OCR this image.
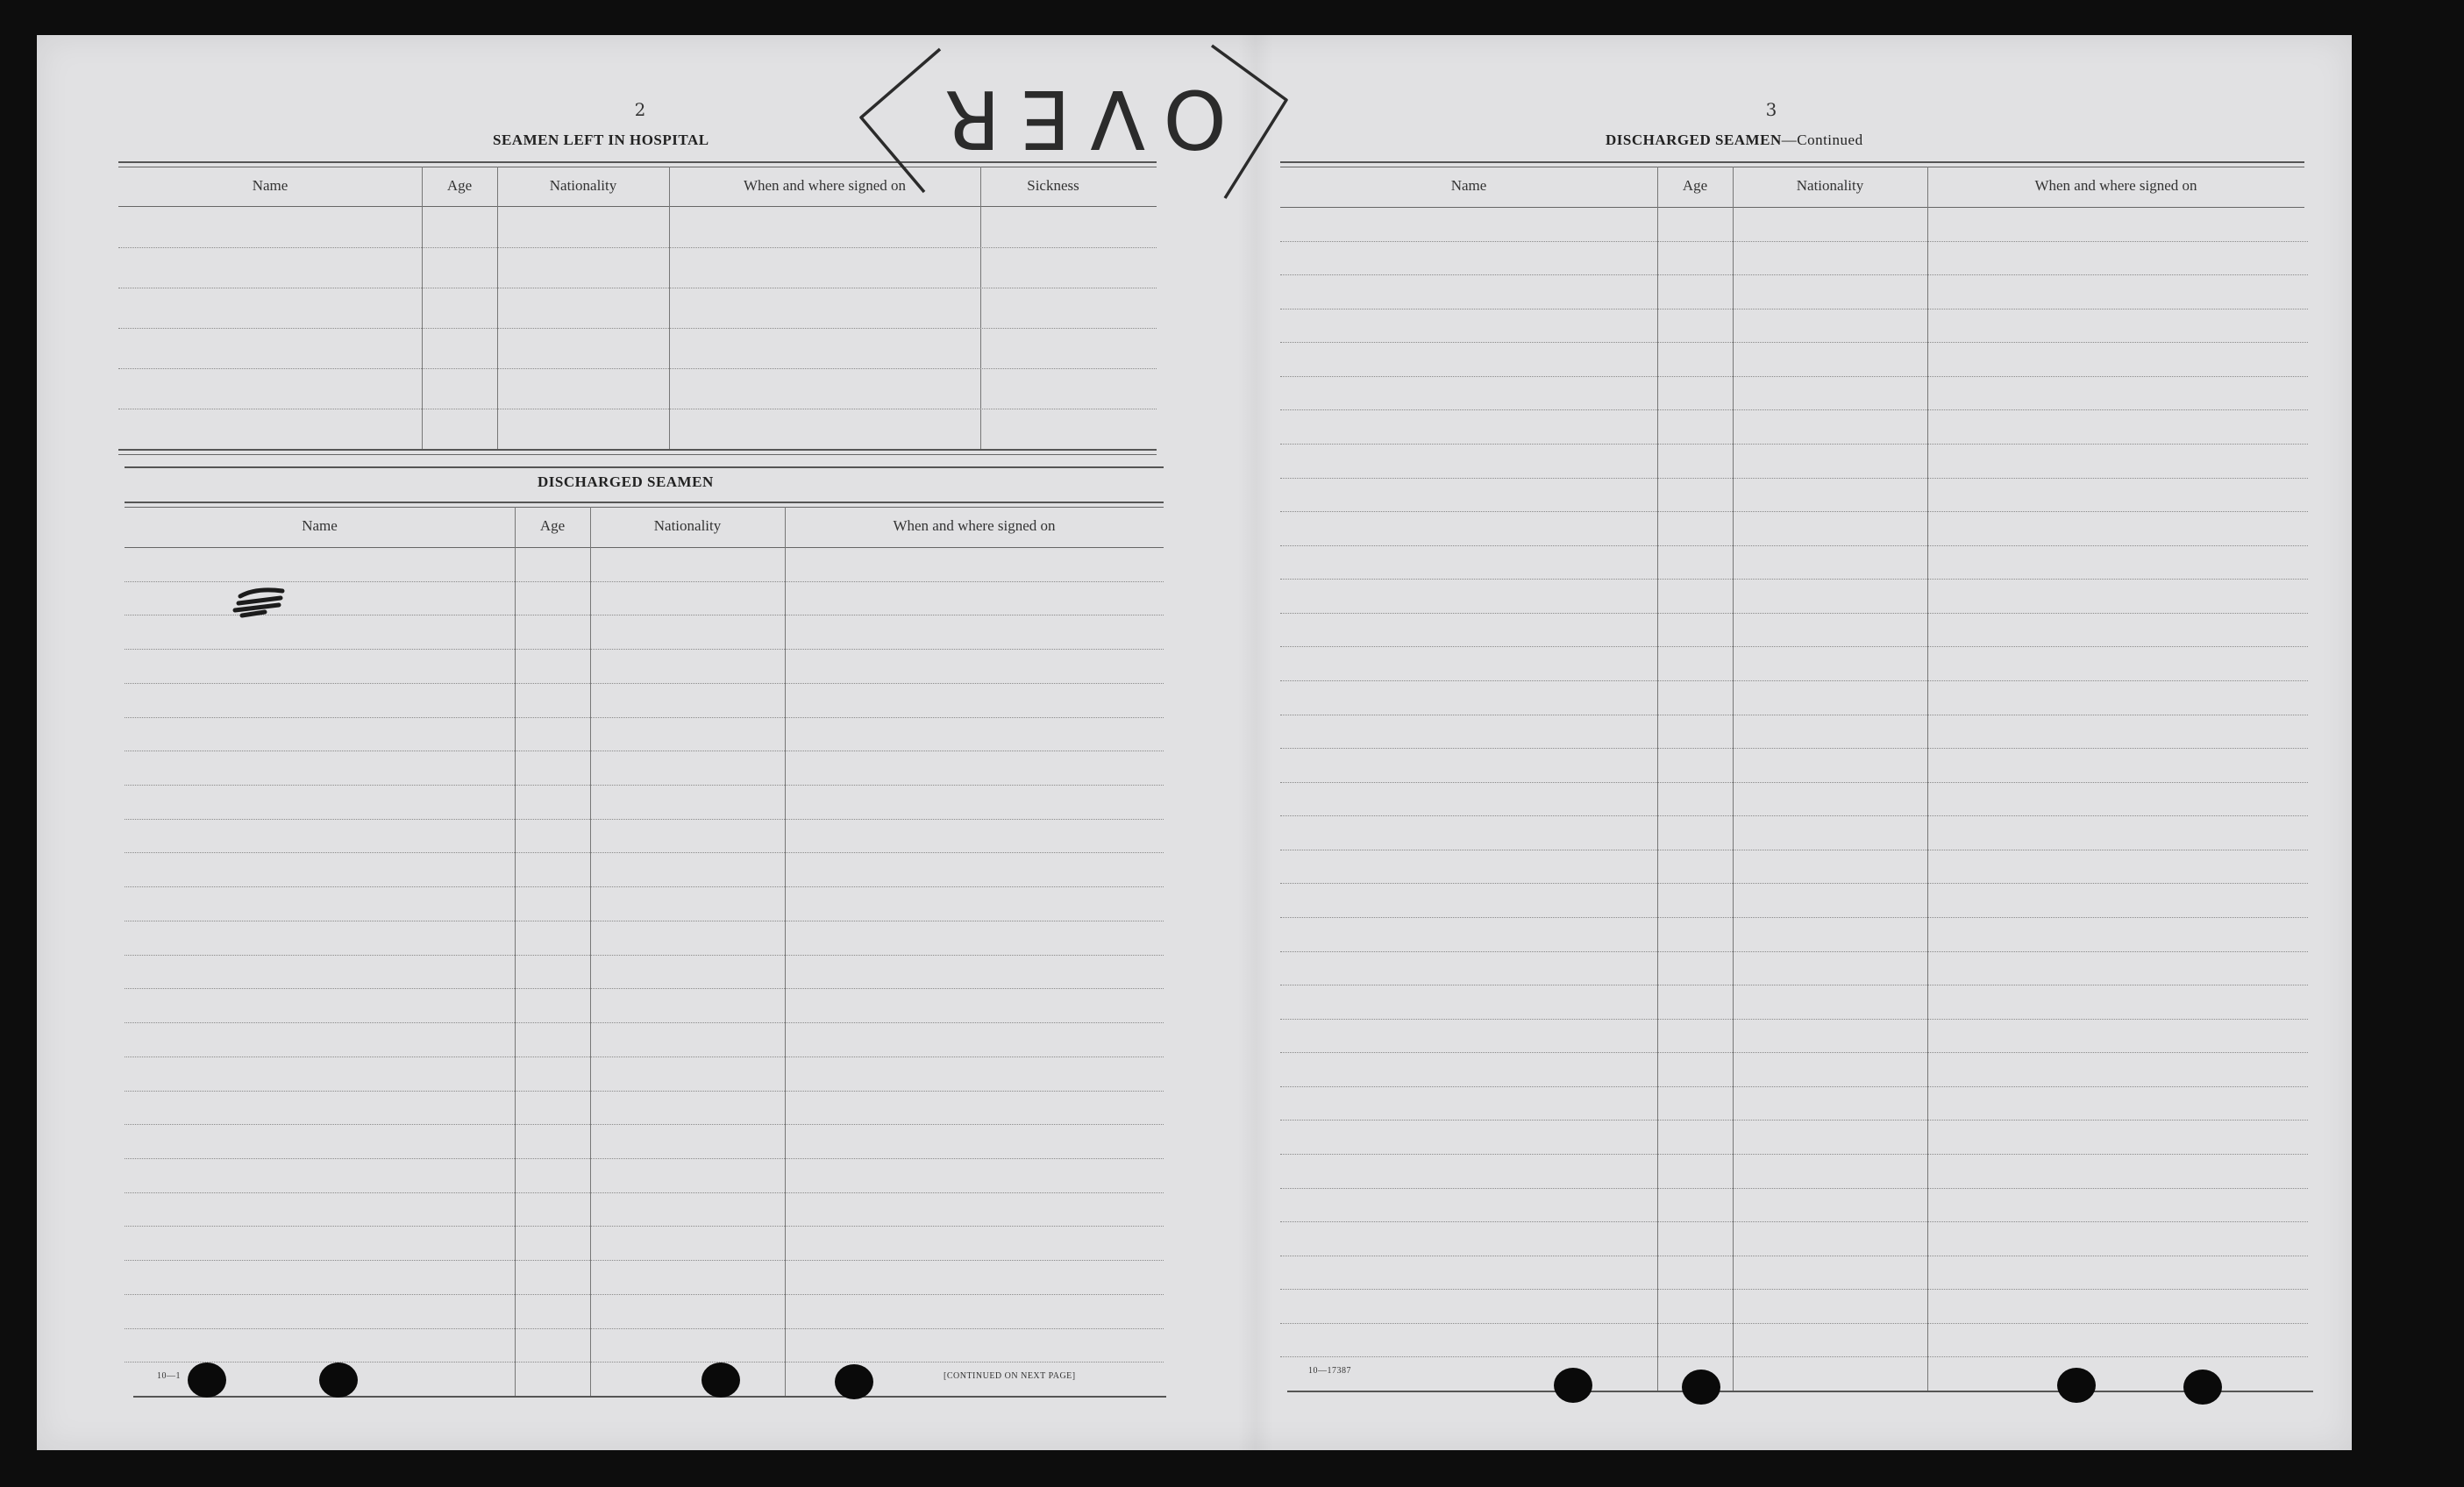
2
SEAMEN LEFT IN HOSPITAL
Name	Age	Nationality	When and where signed on	Sickness
DISCHARGED SEAMEN
Name	Age	Nationality	When and where signed on
10—1	[CONTINUED ON NEXT PAGE]
3
DISCHARGED SEAMEN—Continued
Name	Age	Nationality	When and where signed on
10—17387
OVER
